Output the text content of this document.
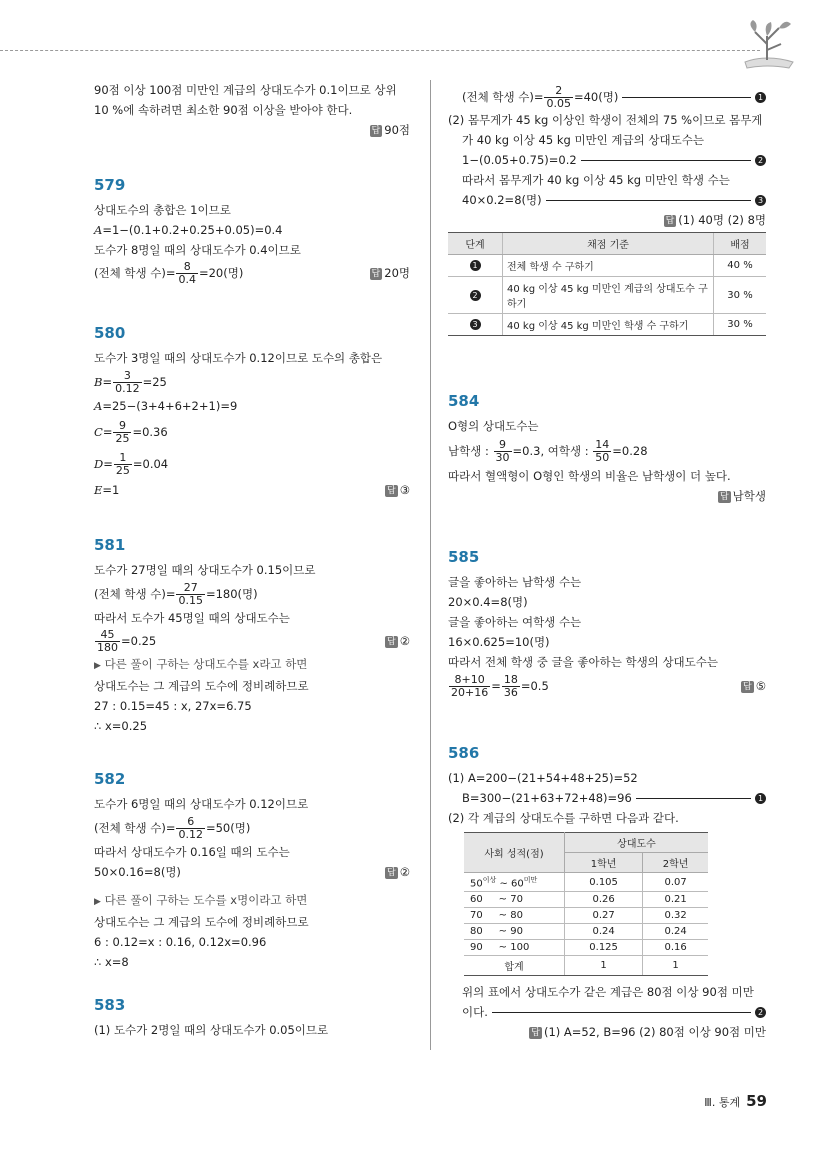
90점 이상 100점 미만인 계급의 상대도수가 0.1이므로 상위

10 %에 속하려면 최소한 90점 이상을 받아야 한다.

답 90점

579

상대도수의 총합은 1이므로

A=1−(0.1+0.2+0.25+0.05)=0.4

도수가 8명일 때의 상대도수가 0.4이므로

(전체 학생 수)= $\frac{8}{0.4} =20$(명)	답 20명

580

도수가 3명일 때의 상대도수가 0.12이므로 도수의 총합은

$B= \frac{3}{0.12} =25$

A=25−(3+4+6+2+1)=9

$C= \frac{9}{25} =0.36$

$D= \frac{1}{25} =0.04$

E=1	답 ③

581

도수가 27명일 때의 상대도수가 0.15이므로

(전체 학생 수)= $\frac{27}{0.15} =180$(명)

따라서 도수가 45명일 때의 상대도수는

$\frac{45}{180} =0.25$	답 ②

▶ 다른 풀이 구하는 상대도수를 x라고 하면

상대도수는 그 계급의 도수에 정비례하므로

27 : 0.15=45 : x, 27x=6.75

∴ x=0.25

582

도수가 6명일 때의 상대도수가 0.12이므로

(전체 학생 수)= $\frac{6}{0.12} =50$(명)

따라서 상대도수가 0.16일 때의 도수는

50×0.16=8(명)	답 ②

▶ 다른 풀이 구하는 도수를 x명이라고 하면

상대도수는 그 계급의 도수에 정비례하므로

6 : 0.12=x : 0.16, 0.12x=0.96

∴ x=8

583

(1) 도수가 2명일 때의 상대도수가 0.05이므로

(전체 학생 수)= $\frac{2}{0.05} =40$(명)	1

(2) 몸무게가 45 kg 이상인 학생이 전체의 75 %이므로 몸무게

가 40 kg 이상 45 kg 미만인 계급의 상대도수는

1−(0.05+0.75)=0.2	2

따라서 몸무게가 40 kg 이상 45 kg 미만인 학생 수는

40×0.2=8(명)	3

답 (1) 40명 (2) 8명

단계	채점 기준	배점
1	전체 학생 수 구하기	40 %
2	40 kg 이상 45 kg 미만인 계급의 상대도수 구하기	30 %
3	40 kg 이상 45 kg 미만인 학생 수 구하기	30 %

584

O형의 상대도수는

남학생 : $\frac{9}{30} =0.3$, 여학생 : $\frac{14}{50} =0.28$

따라서 혈액형이 O형인 학생의 비율은 남학생이 더 높다.

답 남학생

585

글을 좋아하는 남학생 수는

20×0.4=8(명)

글을 좋아하는 여학생 수는

16×0.625=10(명)

따라서 전체 학생 중 글을 좋아하는 학생의 상대도수는

$\frac{8+10}{20+16} = \frac{18}{36} =0.5$	답 ⑤

586

(1) A=200−(21+54+48+25)=52

B=300−(21+63+72+48)=96	1

(2) 각 계급의 상대도수를 구하면 다음과 같다.

사회 성적(점)	상대도수	
	1학년	2학년
$50^{이상}$ ~ $60^{미만}$	0.105	0.07
60 ~ 70	0.26	0.21
70 ~ 80	0.27	0.32
80 ~ 90	0.24	0.24
90 ~ 100	0.125	0.16
합계	1	1

위의 표에서 상대도수가 같은 계급은 80점 이상 90점 미만

이다.	2

답 (1) A=52, B=96 (2) 80점 이상 90점 미만

Ⅲ. 통계 59
